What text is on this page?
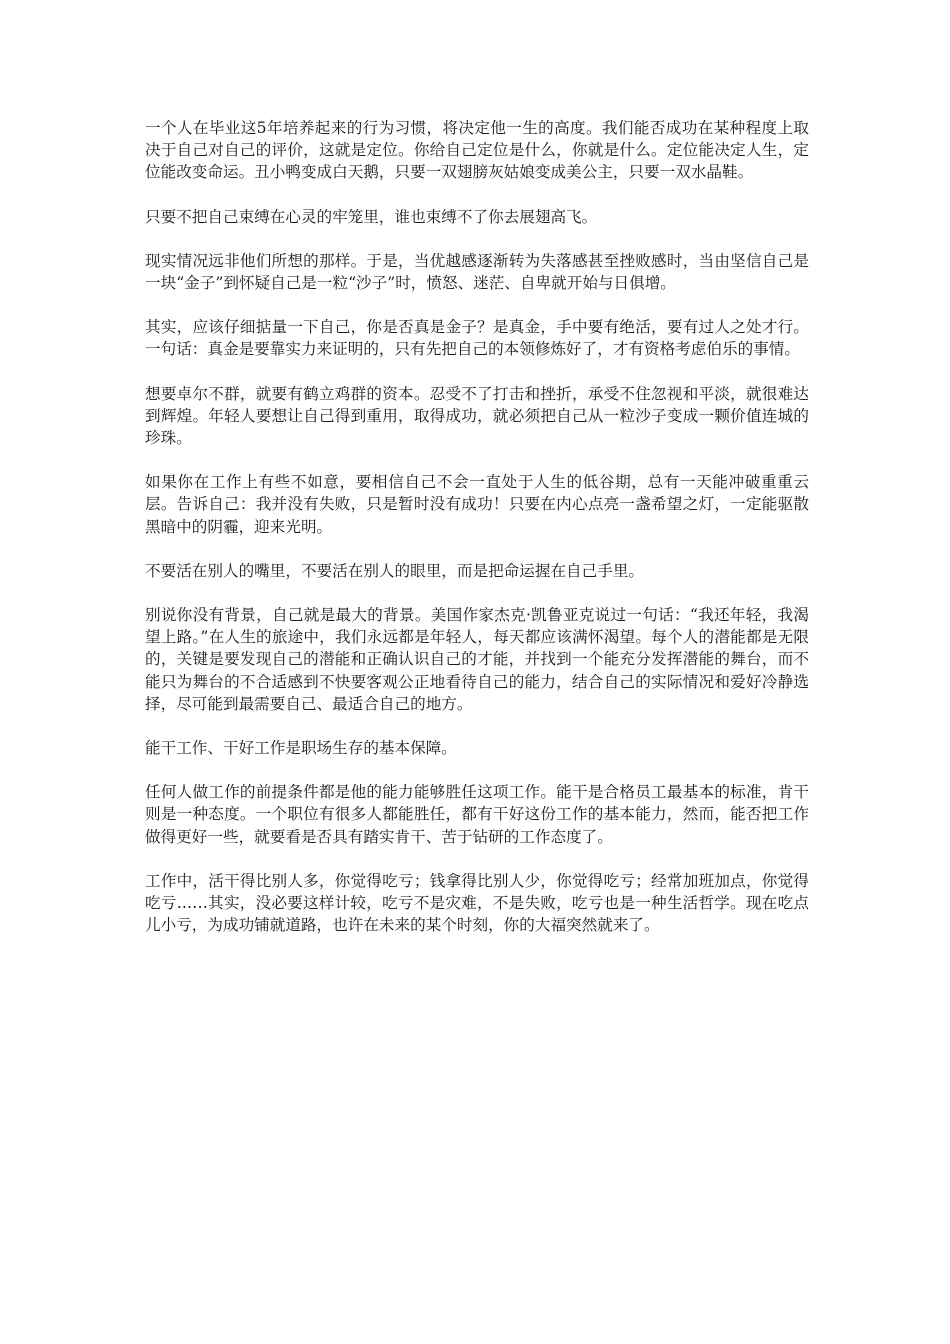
一个人在毕业这5年培养起来的行为习惯，将决定他一生的高度。我们能否成功在某种程度上取决于自己对自己的评价，这就是定位。你给自己定位是什么，你就是什么。定位能决定人生，定位能改变命运。丑小鸭变成白天鹅，只要一双翅膀灰姑娘变成美公主，只要一双水晶鞋。

只要不把自己束缚在心灵的牢笼里，谁也束缚不了你去展翅高飞。

现实情况远非他们所想的那样。于是，当优越感逐渐转为失落感甚至挫败感时，当由坚信自己是一块“金子”到怀疑自己是一粒“沙子”时，愤怒、迷茫、自卑就开始与日俱增。

其实，应该仔细掂量一下自己，你是否真是金子？是真金，手中要有绝活，要有过人之处才行。一句话：真金是要靠实力来证明的，只有先把自己的本领修炼好了，才有资格考虑伯乐的事情。

想要卓尔不群，就要有鹤立鸡群的资本。忍受不了打击和挫折，承受不住忽视和平淡，就很难达到辉煌。年轻人要想让自己得到重用，取得成功，就必须把自己从一粒沙子变成一颗价值连城的珍珠。

如果你在工作上有些不如意，要相信自己不会一直处于人生的低谷期，总有一天能冲破重重云层。告诉自己：我并没有失败，只是暂时没有成功！只要在内心点亮一盏希望之灯，一定能驱散黑暗中的阴霾，迎来光明。

不要活在别人的嘴里，不要活在别人的眼里，而是把命运握在自己手里。

别说你没有背景，自己就是最大的背景。美国作家杰克·凯鲁亚克说过一句话：“我还年轻，我渴望上路。”在人生的旅途中，我们永远都是年轻人，每天都应该满怀渴望。每个人的潜能都是无限的，关键是要发现自己的潜能和正确认识自己的才能，并找到一个能充分发挥潜能的舞台，而不能只为舞台的不合适感到不快要客观公正地看待自己的能力，结合自己的实际情况和爱好冷静选择，尽可能到最需要自己、最适合自己的地方。

能干工作、干好工作是职场生存的基本保障。

任何人做工作的前提条件都是他的能力能够胜任这项工作。能干是合格员工最基本的标准，肯干则是一种态度。一个职位有很多人都能胜任，都有干好这份工作的基本能力，然而，能否把工作做得更好一些，就要看是否具有踏实肯干、苦于钻研的工作态度了。

工作中，活干得比别人多，你觉得吃亏；钱拿得比别人少，你觉得吃亏；经常加班加点，你觉得吃亏……其实，没必要这样计较，吃亏不是灾难，不是失败，吃亏也是一种生活哲学。现在吃点儿小亏，为成功铺就道路，也许在未来的某个时刻，你的大福突然就来了。
